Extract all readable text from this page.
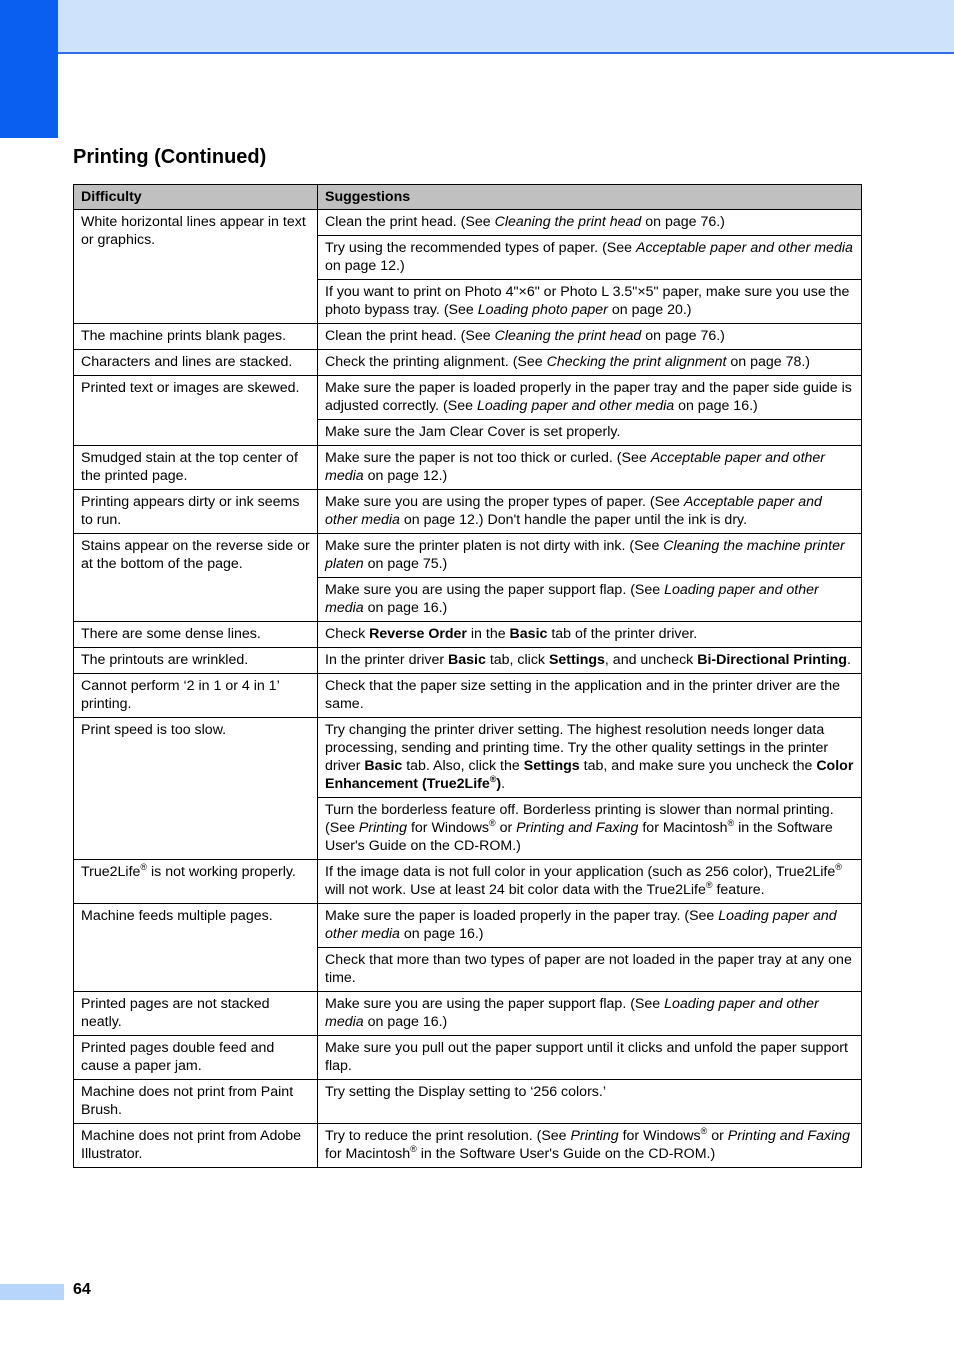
Printing (Continued)
Difficulty	Suggestions
White horizontal lines appear in text or graphics.	Clean the print head. (See Cleaning the print head on page 76.)
	Try using the recommended types of paper. (See Acceptable paper and other media on page 12.)
	If you want to print on Photo 4"×6" or Photo L 3.5"×5" paper, make sure you use the photo bypass tray. (See Loading photo paper on page 20.)
The machine prints blank pages.	Clean the print head. (See Cleaning the print head on page 76.)
Characters and lines are stacked.	Check the printing alignment. (See Checking the print alignment on page 78.)
Printed text or images are skewed.	Make sure the paper is loaded properly in the paper tray and the paper side guide is adjusted correctly. (See Loading paper and other media on page 16.)
	Make sure the Jam Clear Cover is set properly.
Smudged stain at the top center of the printed page.	Make sure the paper is not too thick or curled. (See Acceptable paper and other media on page 12.)
Printing appears dirty or ink seems to run.	Make sure you are using the proper types of paper. (See Acceptable paper and other media on page 12.) Don't handle the paper until the ink is dry.
Stains appear on the reverse side or at the bottom of the page.	Make sure the printer platen is not dirty with ink. (See Cleaning the machine printer platen on page 75.)
	Make sure you are using the paper support flap. (See Loading paper and other media on page 16.)
There are some dense lines.	Check Reverse Order in the Basic tab of the printer driver.
The printouts are wrinkled.	In the printer driver Basic tab, click Settings, and uncheck Bi-Directional Printing.
Cannot perform ‘2 in 1 or 4 in 1’ printing.	Check that the paper size setting in the application and in the printer driver are the same.
Print speed is too slow.	Try changing the printer driver setting. The highest resolution needs longer data processing, sending and printing time. Try the other quality settings in the printer driver Basic tab. Also, click the Settings tab, and make sure you uncheck the Color Enhancement (True2Life®).
	Turn the borderless feature off. Borderless printing is slower than normal printing. (See Printing for Windows® or Printing and Faxing for Macintosh® in the Software User's Guide on the CD-ROM.)
True2Life® is not working properly.	If the image data is not full color in your application (such as 256 color), True2Life® will not work. Use at least 24 bit color data with the True2Life® feature.
Machine feeds multiple pages.	Make sure the paper is loaded properly in the paper tray. (See Loading paper and other media on page 16.)
	Check that more than two types of paper are not loaded in the paper tray at any one time.
Printed pages are not stacked neatly.	Make sure you are using the paper support flap. (See Loading paper and other media on page 16.)
Printed pages double feed and cause a paper jam.	Make sure you pull out the paper support until it clicks and unfold the paper support flap.
Machine does not print from Paint Brush.	Try setting the Display setting to ‘256 colors.’
Machine does not print from Adobe Illustrator.	Try to reduce the print resolution. (See Printing for Windows® or Printing and Faxing for Macintosh® in the Software User's Guide on the CD-ROM.)
64
